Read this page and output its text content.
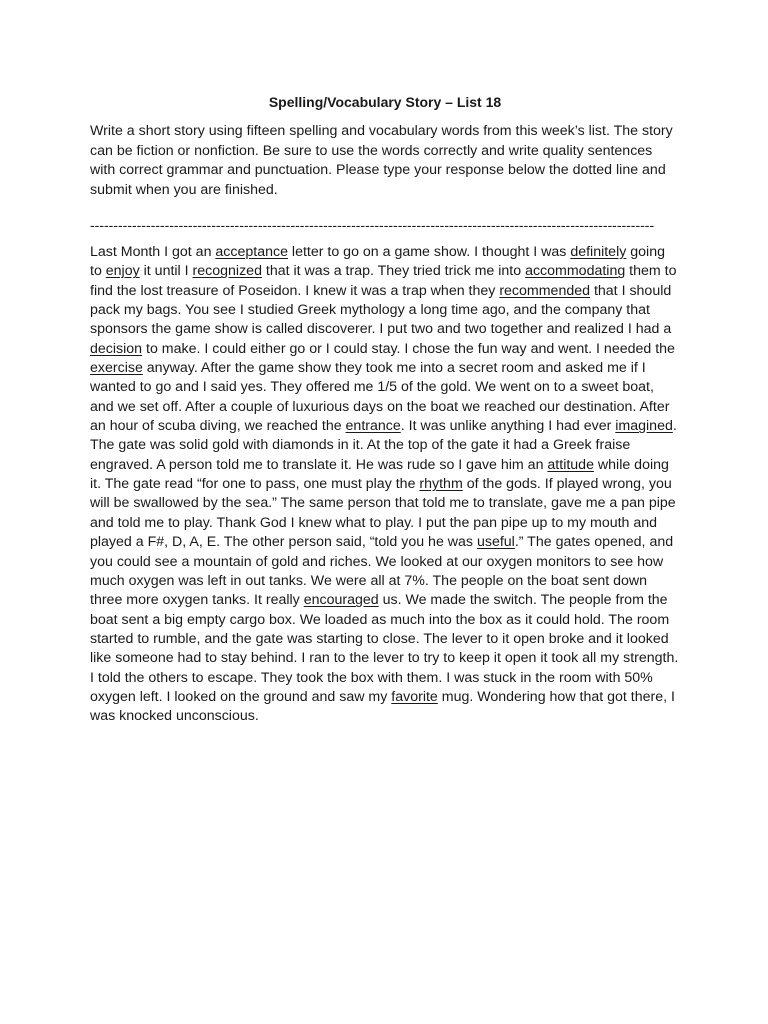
Spelling/Vocabulary Story – List 18

Write a short story using fifteen spelling and vocabulary words from this week’s list. The story can be fiction or nonfiction. Be sure to use the words correctly and write quality sentences with correct grammar and punctuation. Please type your response below the dotted line and submit when you are finished.

-------------------------------------------------------------------------------------------------------------------------

Last Month I got an acceptance letter to go on a game show. I thought I was definitely going to enjoy it until I recognized that it was a trap. They tried trick me into accommodating them to find the lost treasure of Poseidon. I knew it was a trap when they recommended that I should pack my bags. You see I studied Greek mythology a long time ago, and the company that sponsors the game show is called discoverer. I put two and two together and realized I had a decision to make. I could either go or I could stay. I chose the fun way and went. I needed the exercise anyway. After the game show they took me into a secret room and asked me if I wanted to go and I said yes. They offered me 1/5 of the gold. We went on to a sweet boat, and we set off. After a couple of luxurious days on the boat we reached our destination. After an hour of scuba diving, we reached the entrance. It was unlike anything I had ever imagined. The gate was solid gold with diamonds in it. At the top of the gate it had a Greek fraise engraved. A person told me to translate it. He was rude so I gave him an attitude while doing it. The gate read “for one to pass, one must play the rhythm of the gods. If played wrong, you will be swallowed by the sea.” The same person that told me to translate, gave me a pan pipe and told me to play. Thank God I knew what to play. I put the pan pipe up to my mouth and played a F#, D, A, E. The other person said, “told you he was useful.” The gates opened, and you could see a mountain of gold and riches. We looked at our oxygen monitors to see how much oxygen was left in out tanks. We were all at 7%. The people on the boat sent down three more oxygen tanks. It really encouraged us. We made the switch. The people from the boat sent a big empty cargo box. We loaded as much into the box as it could hold. The room started to rumble, and the gate was starting to close. The lever to it open broke and it looked like someone had to stay behind. I ran to the lever to try to keep it open it took all my strength. I told the others to escape. They took the box with them. I was stuck in the room with 50% oxygen left. I looked on the ground and saw my favorite mug. Wondering how that got there, I was knocked unconscious.
